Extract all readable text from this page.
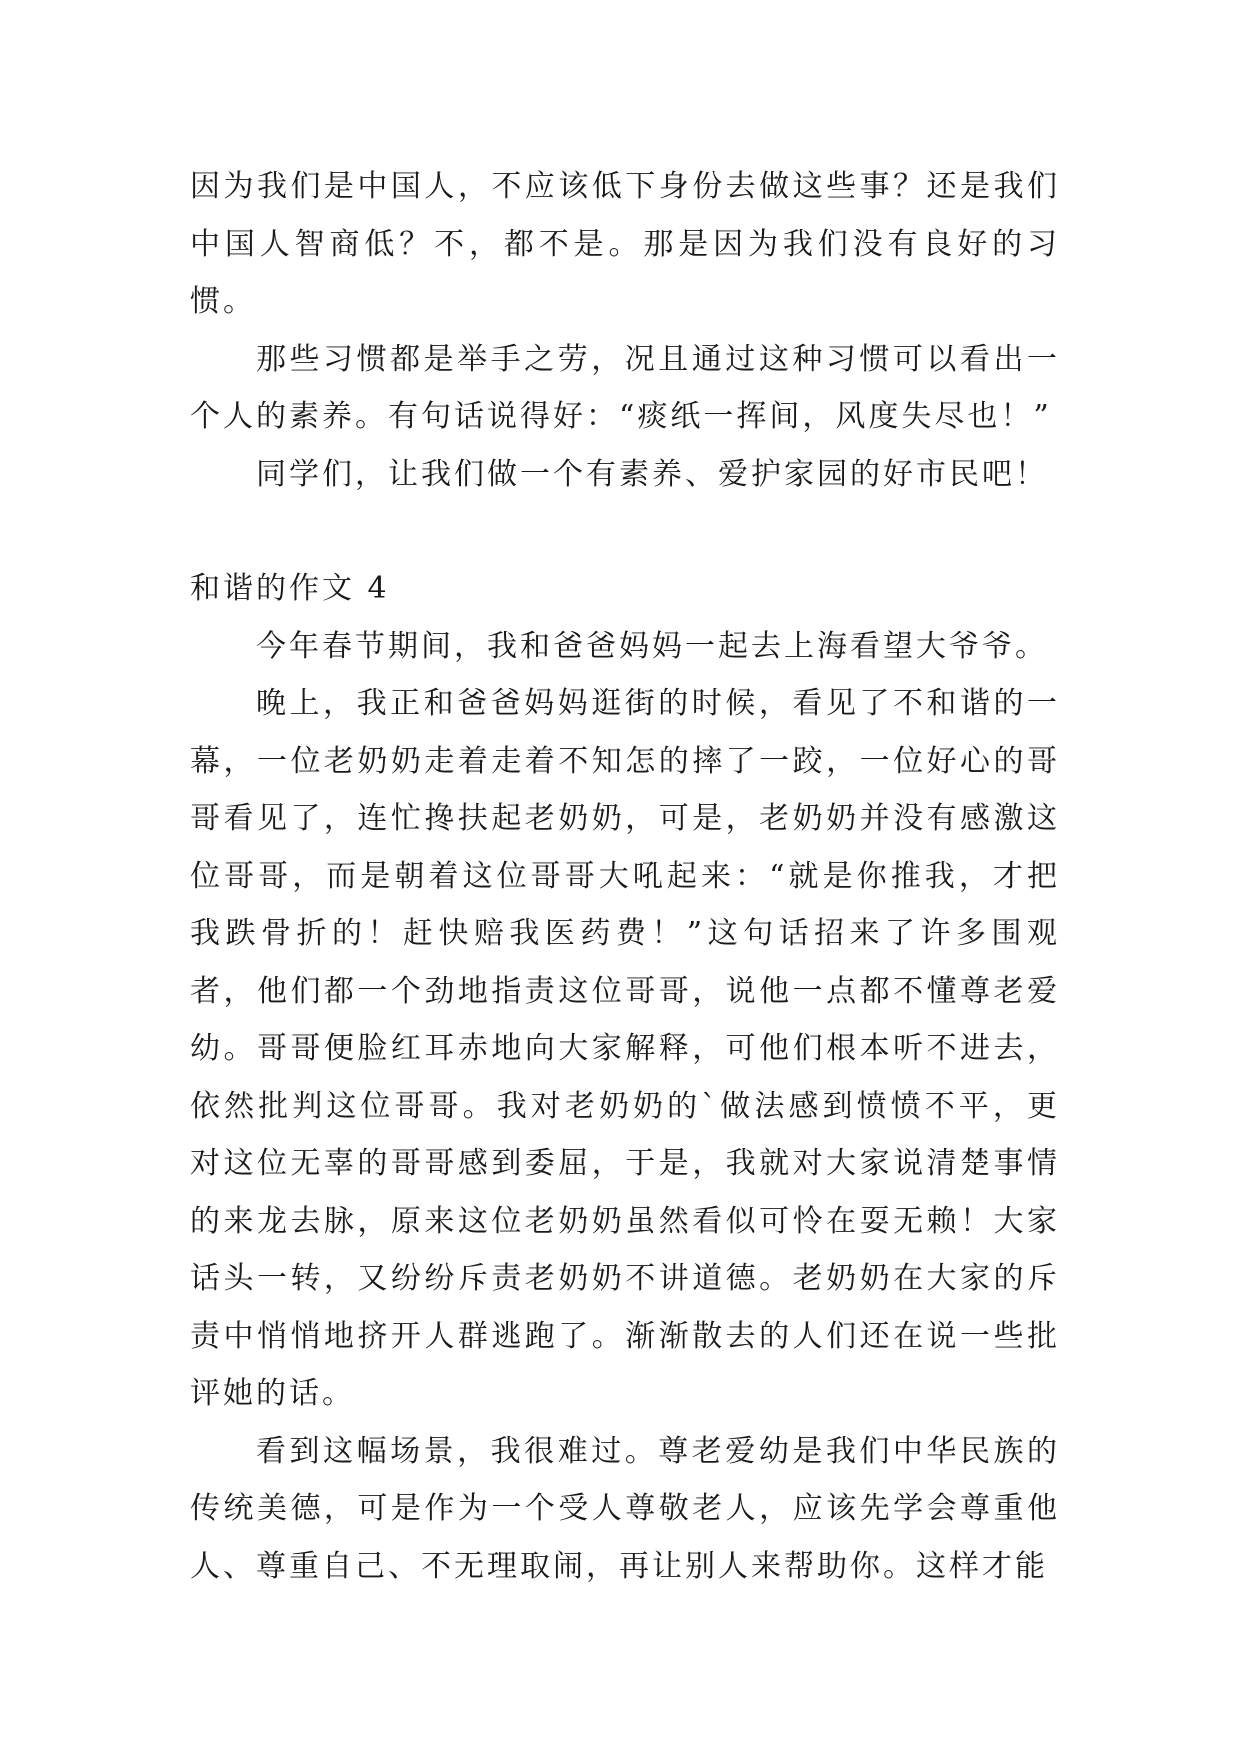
因为我们是中国人，不应该低下身份去做这些事？还是我们中国人智商低？不，都不是。那是因为我们没有良好的习惯。

那些习惯都是举手之劳，况且通过这种习惯可以看出一个人的素养。有句话说得好：“痰纸一挥间，风度失尽也！”

同学们，让我们做一个有素养、爱护家园的好市民吧！

和谐的作文 4

今年春节期间，我和爸爸妈妈一起去上海看望大爷爷。

晚上，我正和爸爸妈妈逛街的时候，看见了不和谐的一幕，一位老奶奶走着走着不知怎的摔了一跤，一位好心的哥哥看见了，连忙搀扶起老奶奶，可是，老奶奶并没有感激这位哥哥，而是朝着这位哥哥大吼起来：“就是你推我，才把我跌骨折的！赶快赔我医药费！”这句话招来了许多围观者，他们都一个劲地指责这位哥哥，说他一点都不懂尊老爱幼。哥哥便脸红耳赤地向大家解释，可他们根本听不进去，依然批判这位哥哥。我对老奶奶的`做法感到愤愤不平，更对这位无辜的哥哥感到委屈，于是，我就对大家说清楚事情的来龙去脉，原来这位老奶奶虽然看似可怜在耍无赖！大家话头一转，又纷纷斥责老奶奶不讲道德。老奶奶在大家的斥责中悄悄地挤开人群逃跑了。渐渐散去的人们还在说一些批评她的话。

看到这幅场景，我很难过。尊老爱幼是我们中华民族的传统美德，可是作为一个受人尊敬老人，应该先学会尊重他人、尊重自己、不无理取闹，再让别人来帮助你。这样才能
